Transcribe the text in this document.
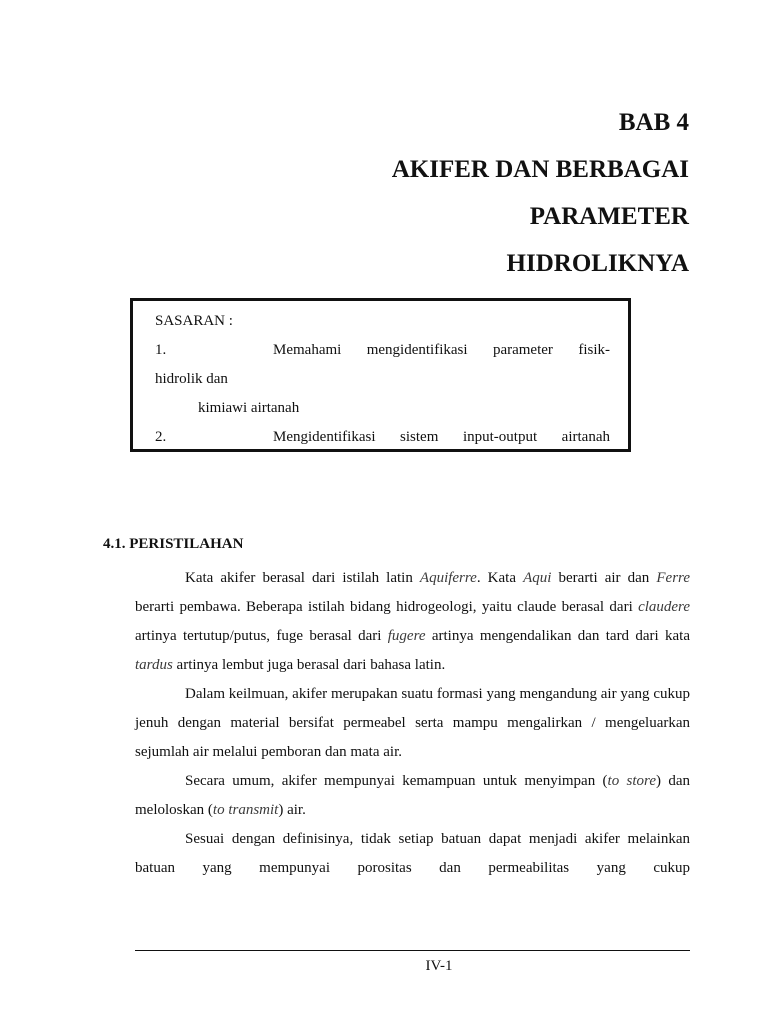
BAB 4
AKIFER DAN BERBAGAI
PARAMETER
HIDROLIKNYA
SASARAN :
1.	Memahami mengidentifikasi parameter fisik-
hidrolik dan
kimiawi airtanah
2.	Mengidentifikasi sistem input-output airtanah
4.1. PERISTILAHAN

Kata akifer berasal dari istilah latin Aquiferre. Kata Aqui berarti air dan Ferre berarti pembawa. Beberapa istilah bidang hidrogeologi, yaitu claude berasal dari claudere artinya tertutup/putus, fuge berasal dari fugere artinya mengendalikan dan tard dari kata tardus artinya lembut juga berasal dari bahasa latin.

Dalam keilmuan, akifer merupakan suatu formasi yang mengandung air yang cukup jenuh dengan material bersifat permeabel serta mampu mengalirkan / mengeluarkan sejumlah air melalui pemboran dan mata air.

Secara umum, akifer mempunyai kemampuan untuk menyimpan (to store) dan meloloskan (to transmit) air.

Sesuai dengan definisinya, tidak setiap batuan dapat menjadi akifer melainkan batuan yang mempunyai porositas dan permeabilitas yang cukup

IV-1
